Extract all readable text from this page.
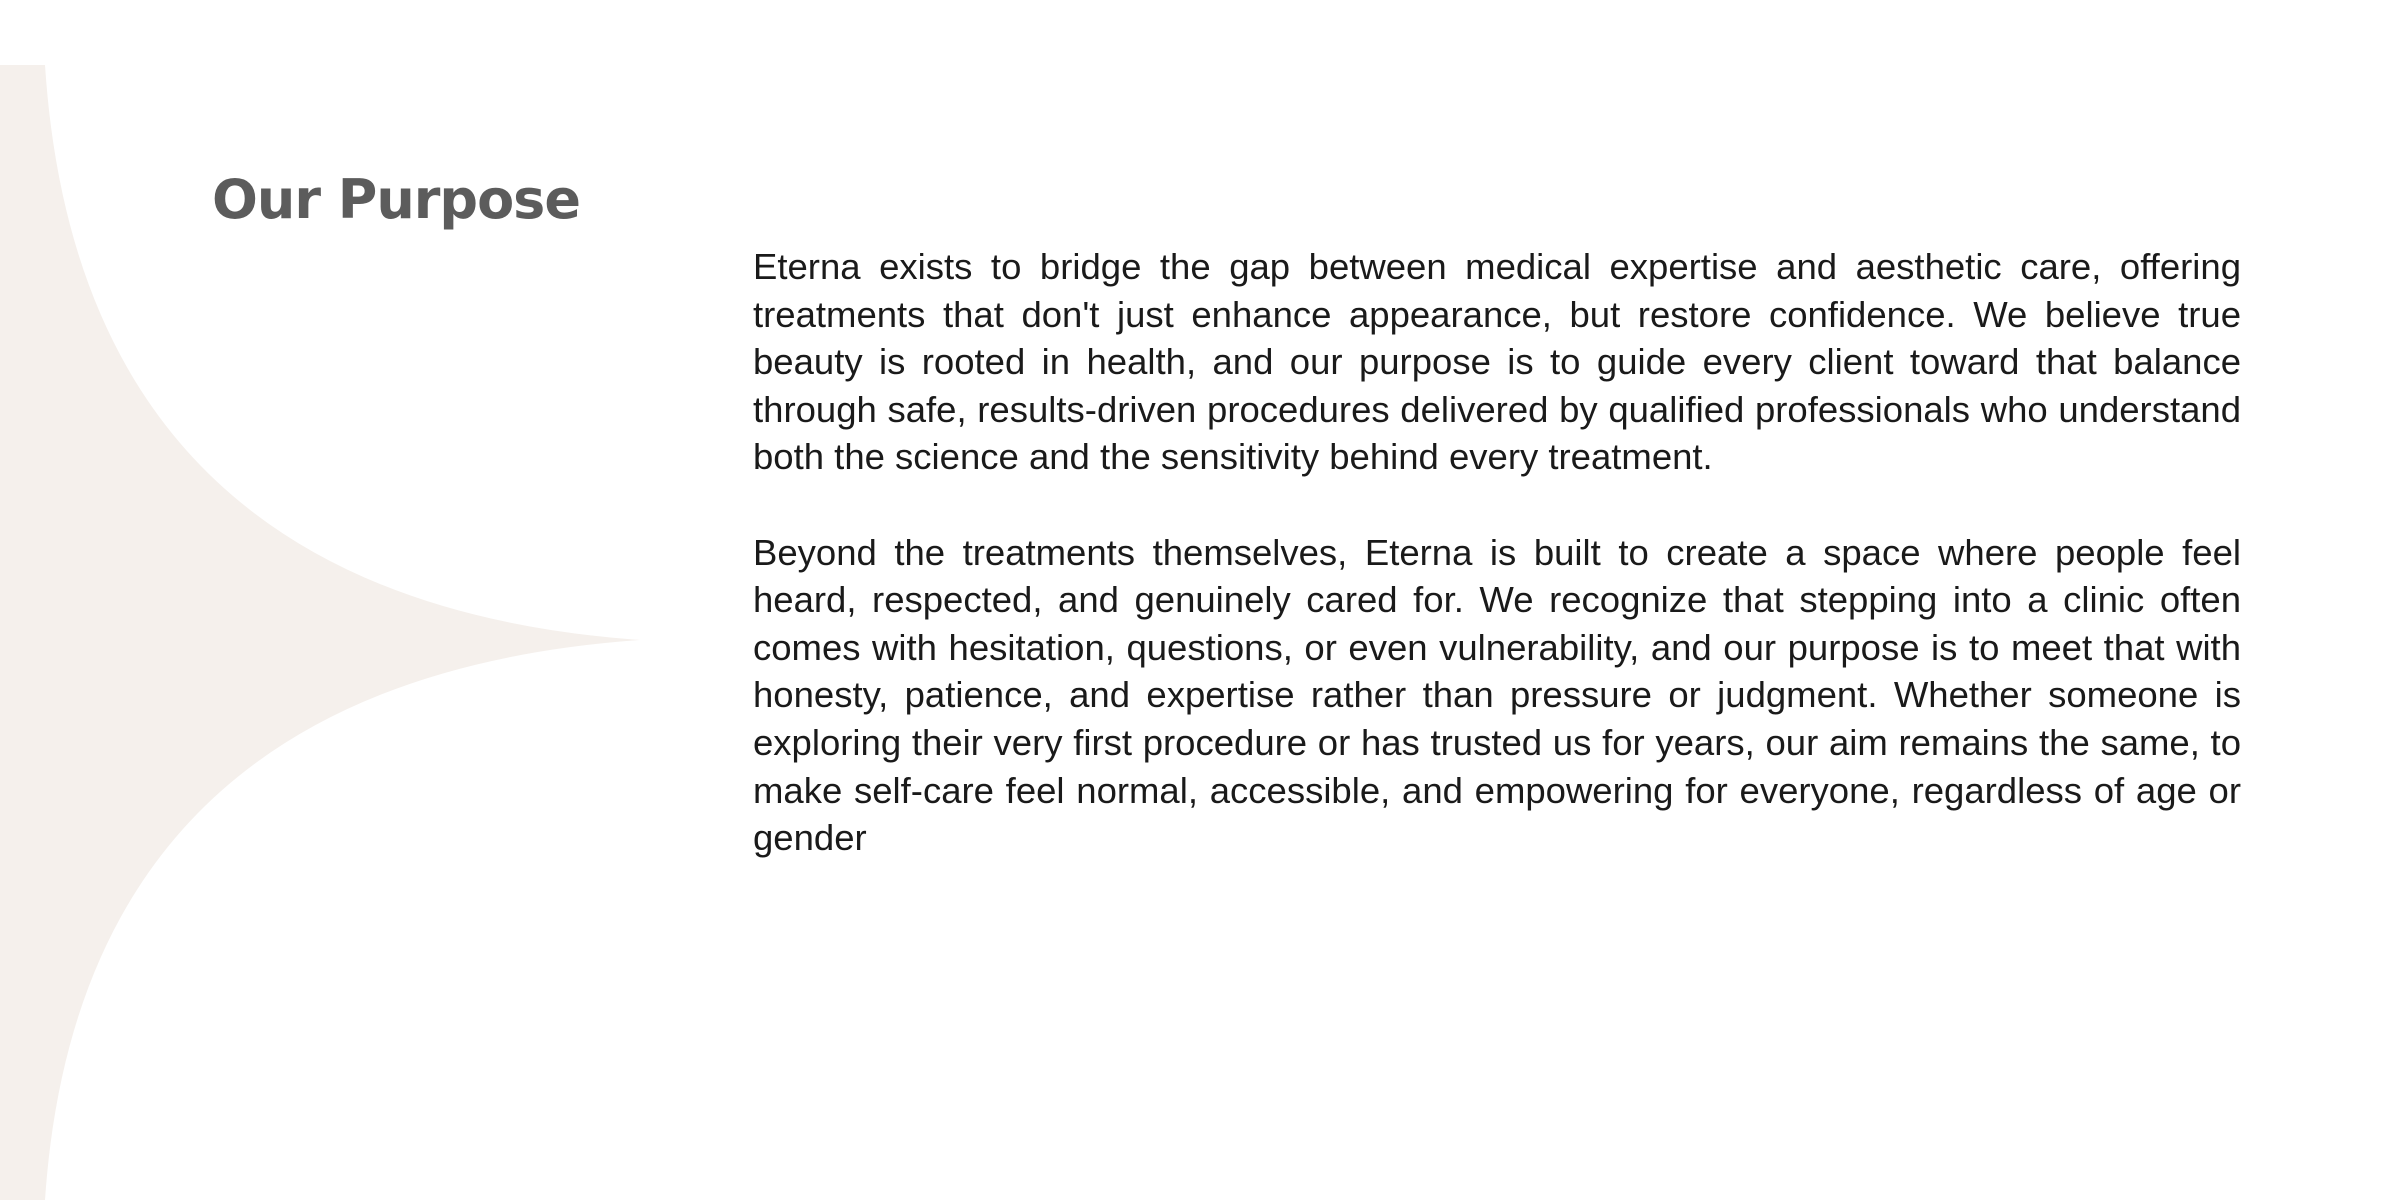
Our Purpose

Eterna exists to bridge the gap between medical expertise and aesthetic care, offering treatments that don't just enhance appearance, but restore confidence. We believe true beauty is rooted in health, and our purpose is to guide every client toward that balance through safe, results-driven procedures delivered by qualified professionals who understand both the science and the sensitivity behind every treatment.

Beyond the treatments themselves, Eterna is built to create a space where people feel heard, respected, and genuinely cared for. We recognize that stepping into a clinic often comes with hesitation, questions, or even vulnerability, and our purpose is to meet that with honesty, patience, and expertise rather than pressure or judgment. Whether someone is exploring their very first procedure or has trusted us for years, our aim remains the same, to make self-care feel normal, accessible, and empowering for everyone, regardless of age or gender
